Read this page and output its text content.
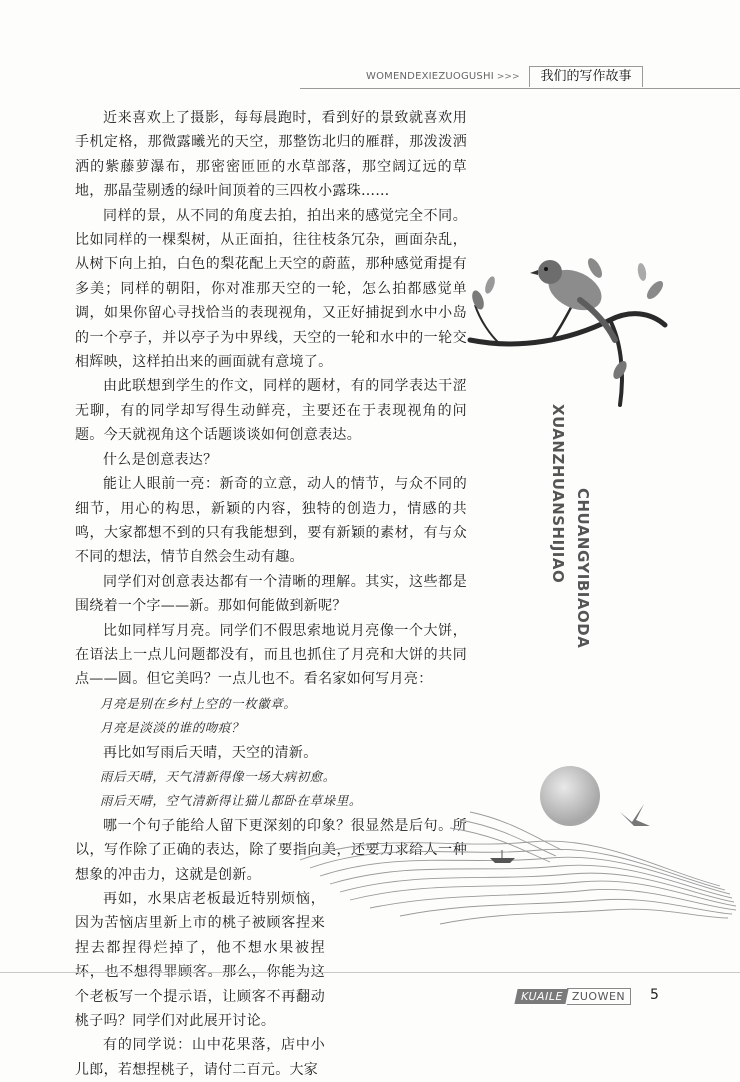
WOMENDEXIEZUOGUSHI >>>	我们的写作故事

近来喜欢上了摄影，每每晨跑时，看到好的景致就喜欢用手机定格，那微露曦光的天空，那整饬北归的雁群，那泼泼洒洒的紫藤萝瀑布，那密密匝匝的水草部落，那空阔辽远的草地，那晶莹剔透的绿叶间顶着的三四枚小露珠……

同样的景，从不同的角度去拍，拍出来的感觉完全不同。比如同样的一棵梨树，从正面拍，往往枝条冗杂，画面杂乱，从树下向上拍，白色的梨花配上天空的蔚蓝，那种感觉甭提有多美；同样的朝阳，你对准那天空的一轮，怎么拍都感觉单调，如果你留心寻找恰当的表现视角，又正好捕捉到水中小岛的一个亭子，并以亭子为中界线，天空的一轮和水中的一轮交相辉映，这样拍出来的画面就有意境了。

由此联想到学生的作文，同样的题材，有的同学表达干涩无聊，有的同学却写得生动鲜亮，主要还在于表现视角的问题。今天就视角这个话题谈谈如何创意表达。

什么是创意表达？

能让人眼前一亮：新奇的立意，动人的情节，与众不同的细节，用心的构思，新颖的内容，独特的创造力，情感的共鸣，大家都想不到的只有我能想到，要有新颖的素材，有与众不同的想法，情节自然会生动有趣。

同学们对创意表达都有一个清晰的理解。其实，这些都是围绕着一个字——新。那如何能做到新呢？

比如同样写月亮。同学们不假思索地说月亮像一个大饼，在语法上一点儿问题都没有，而且也抓住了月亮和大饼的共同点——圆。但它美吗？一点儿也不。看名家如何写月亮：

月亮是别在乡村上空的一枚徽章。

月亮是淡淡的谁的吻痕？

再比如写雨后天晴，天空的清新。

雨后天晴，天气清新得像一场大病初愈。

雨后天晴，空气清新得让猫儿都卧在草垛里。

哪一个句子能给人留下更深刻的印象？很显然是后句。所以，写作除了正确的表达，除了要指向美，还要力求给人一种想象的冲击力，这就是创新。

再如，水果店老板最近特别烦恼，因为苦恼店里新上市的桃子被顾客捏来捏去都捏得烂掉了，他不想水果被捏坏，也不想得罪顾客。那么，你能为这个老板写一个提示语，让顾客不再翻动桃子吗？同学们对此展开讨论。

有的同学说：山中花果落，店中小儿郎，若想捏桃子，请付二百元。大家

XUANZHUANSHIJIAO CHUANGYIBIAODA
KUAILE ZUOWEN	5
